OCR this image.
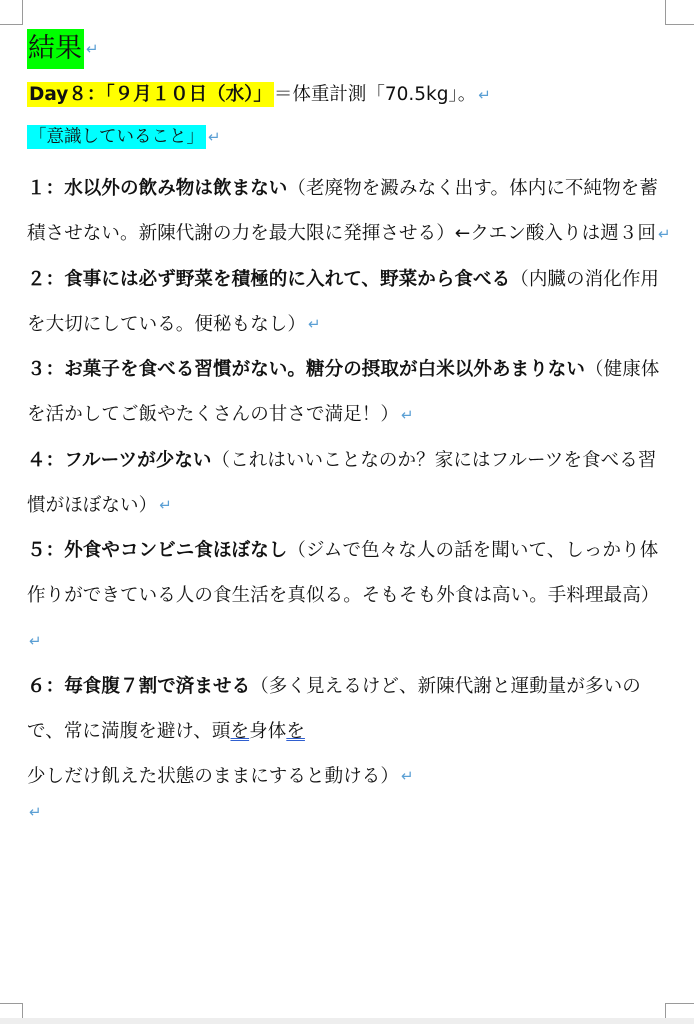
結果 ↵
Day８：「９月１０日（水）」 ＝体重計測「70.5kg」。 ↵
「意識していること」 ↵

１：水以外の飲み物は飲まない（老廃物を澱みなく出す。体内に不純物を蓄積させない。新陳代謝の力を最大限に発揮させる）←クエン酸入りは週３回 ↵

２：食事には必ず野菜を積極的に入れて、野菜から食べる（内臓の消化作用を大切にしている。便秘もなし） ↵

３：お菓子を食べる習慣がない。糖分の摂取が白米以外あまりない（健康体を活かしてご飯やたくさんの甘さで満足！） ↵

４：フルーツが少ない（これはいいことなのか？家にはフルーツを食べる習慣がほぼない） ↵

５：外食やコンビニ食ほぼなし（ジムで色々な人の話を聞いて、しっかり体作りができている人の食生活を真似る。そもそも外食は高い。手料理最高）↵

６：毎食腹７割で済ませる（多く見えるけど、新陳代謝と運動量が多いので、常に満腹を避け、頭を身体を少しだけ飢えた状態のままにすると動ける） ↵

↵
